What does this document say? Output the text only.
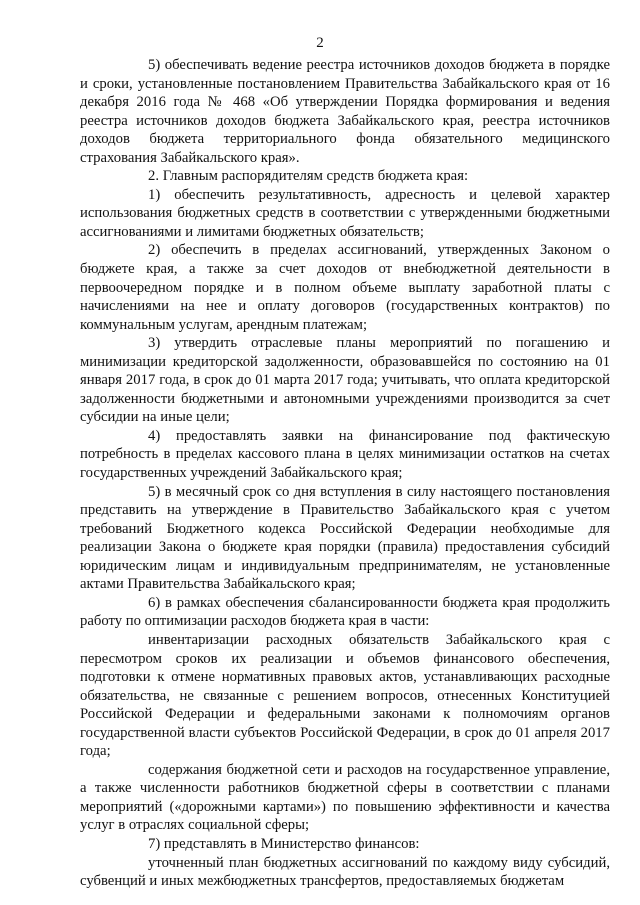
2

5) обеспечивать ведение реестра источников доходов бюджета в порядке и сроки, установленные постановлением Правительства Забайкальского края от 16 декабря 2016 года № 468 «Об утверждении Порядка формирования и ведения реестра источников доходов бюджета Забайкальского края, реестра источников доходов бюджета территориального фонда обязательного медицинского страхования Забайкальского края».

2. Главным распорядителям средств бюджета края:

1) обеспечить результативность, адресность и целевой характер использования бюджетных средств в соответствии с утвержденными бюджетными ассигнованиями и лимитами бюджетных обязательств;

2) обеспечить в пределах ассигнований, утвержденных Законом о бюджете края, а также за счет доходов от внебюджетной деятельности в первоочередном порядке и в полном объеме выплату заработной платы с начислениями на нее и оплату договоров (государственных контрактов) по коммунальным услугам, арендным платежам;

3) утвердить отраслевые планы мероприятий по погашению и минимизации кредиторской задолженности, образовавшейся по состоянию на 01 января 2017 года, в срок до 01 марта 2017 года; учитывать, что оплата кредиторской задолженности бюджетными и автономными учреждениями производится за счет субсидии на иные цели;

4) предоставлять заявки на финансирование под фактическую потребность в пределах кассового плана в целях минимизации остатков на счетах государственных учреждений Забайкальского края;

5) в месячный срок со дня вступления в силу настоящего постановления представить на утверждение в Правительство Забайкальского края с учетом требований Бюджетного кодекса Российской Федерации необходимые для реализации Закона о бюджете края порядки (правила) предоставления субсидий юридическим лицам и индивидуальным предпринимателям, не установленные актами Правительства Забайкальского края;

6) в рамках обеспечения сбалансированности бюджета края продолжить работу по оптимизации расходов бюджета края в части:

инвентаризации расходных обязательств Забайкальского края с пересмотром сроков их реализации и объемов финансового обеспечения, подготовки к отмене нормативных правовых актов, устанавливающих расходные обязательства, не связанные с решением вопросов, отнесенных Конституцией Российской Федерации и федеральными законами к полномочиям органов государственной власти субъектов Российской Федерации, в срок до 01 апреля 2017 года;

содержания бюджетной сети и расходов на государственное управление, а также численности работников бюджетной сферы в соответствии с планами мероприятий («дорожными картами») по повышению эффективности и качества услуг в отраслях социальной сферы;

7) представлять в Министерство финансов:

уточненный план бюджетных ассигнований по каждому виду субсидий, субвенций и иных межбюджетных трансфертов, предоставляемых бюджетам
